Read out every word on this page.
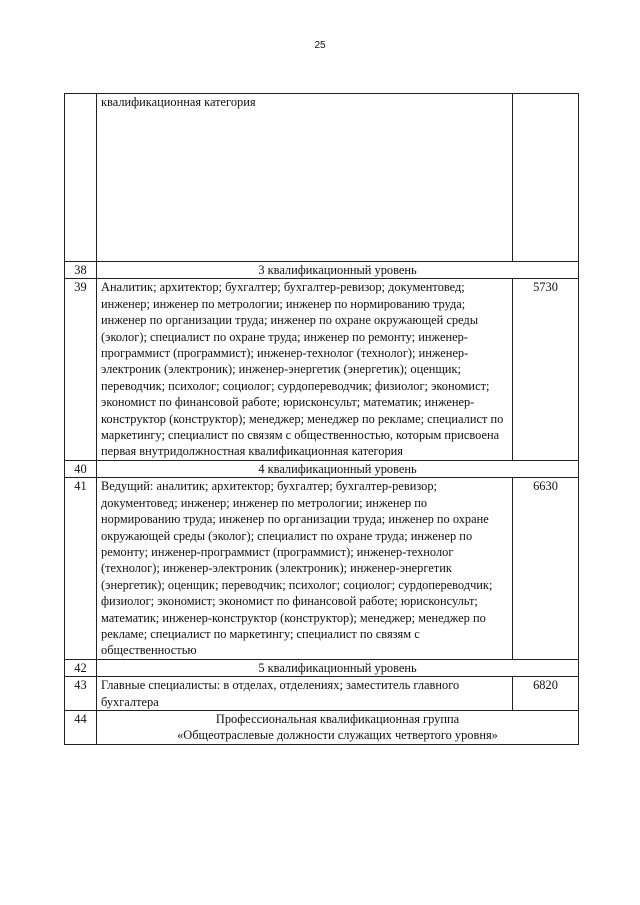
25
	квалификационная категория	
38	3 квалификационный уровень	
39	Аналитик; архитектор; бухгалтер; бухгалтер-ревизор; документовед; инженер; инженер по метрологии; инженер по нормированию труда; инженер по организации труда; инженер по охране окружающей среды (эколог); специалист по охране труда; инженер по ремонту; инженер-программист (программист); инженер-технолог (технолог); инженер-электроник (электроник); инженер-энергетик (энергетик); оценщик; переводчик; психолог; социолог; сурдопереводчик; физиолог; экономист; экономист по финансовой работе; юрисконсульт; математик; инженер-конструктор (конструктор); менеджер; менеджер по рекламе; специалист по маркетингу; специалист по связям с общественностью, которым присвоена первая внутридолжностная квалификационная категория	5730
40	4 квалификационный уровень	
41	Ведущий: аналитик; архитектор; бухгалтер; бухгалтер-ревизор; документовед; инженер; инженер по метрологии; инженер по нормированию труда; инженер по организации труда; инженер по охране окружающей среды (эколог); специалист по охране труда; инженер по ремонту; инженер-программист (программист); инженер-технолог (технолог); инженер-электроник (электроник); инженер-энергетик (энергетик); оценщик; переводчик; психолог; социолог; сурдопереводчик; физиолог; экономист; экономист по финансовой работе; юрисконсульт; математик; инженер-конструктор (конструктор); менеджер; менеджер по рекламе; специалист по маркетингу; специалист по связям с общественностью	6630
42	5 квалификационный уровень	
43	Главные специалисты: в отделах, отделениях; заместитель главного бухгалтера	6820
44	Профессиональная квалификационная группа
«Общеотраслевые должности служащих четвертого уровня»	
